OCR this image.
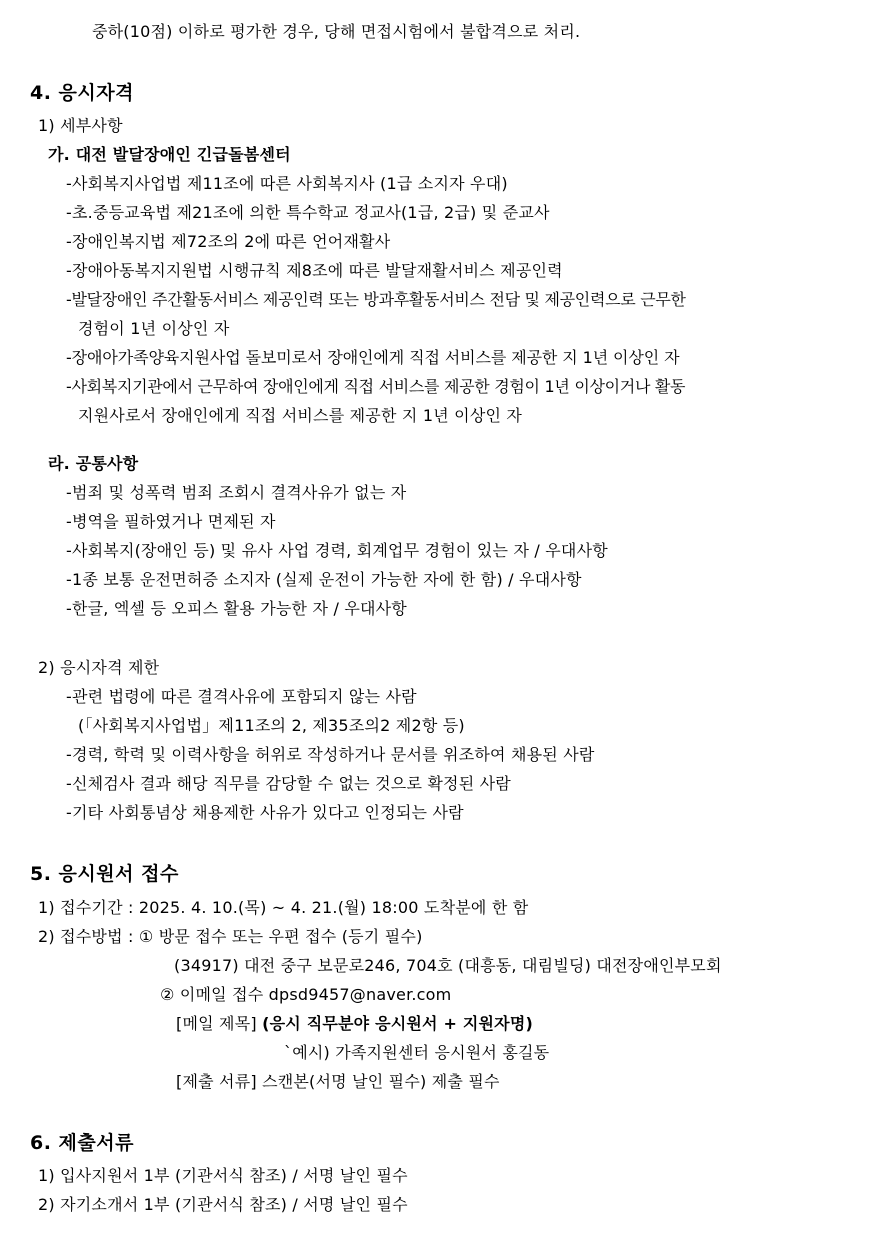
중하(10점) 이하로 평가한 경우, 당해 면접시험에서 불합격으로 처리.
4. 응시자격
1) 세부사항
가. 대전 발달장애인 긴급돌봄센터
-사회복지사업법 제11조에 따른 사회복지사 (1급 소지자 우대)
-초.중등교육법 제21조에 의한 특수학교 정교사(1급, 2급) 및 준교사
-장애인복지법 제72조의 2에 따른 언어재활사
-장애아동복지지원법 시행규칙 제8조에 따른 발달재활서비스 제공인력
-발달장애인 주간활동서비스 제공인력 또는 방과후활동서비스 전담 및 제공인력으로 근무한
경험이 1년 이상인 자
-장애아가족양육지원사업 돌보미로서 장애인에게 직접 서비스를 제공한 지 1년 이상인 자
-사회복지기관에서 근무하여 장애인에게 직접 서비스를 제공한 경험이 1년 이상이거나 활동
지원사로서 장애인에게 직접 서비스를 제공한 지 1년 이상인 자
라. 공통사항
-범죄 및 성폭력 범죄 조회시 결격사유가 없는 자
-병역을 필하였거나 면제된 자
-사회복지(장애인 등) 및 유사 사업 경력, 회계업무 경험이 있는 자 / 우대사항
-1종 보통 운전면허증 소지자 (실제 운전이 가능한 자에 한 함) / 우대사항
-한글, 엑셀 등 오피스 활용 가능한 자 / 우대사항
2) 응시자격 제한
-관련 법령에 따른 결격사유에 포함되지 않는 사람
(「사회복지사업법」제11조의 2, 제35조의2 제2항 등)
-경력, 학력 및 이력사항을 허위로 작성하거나 문서를 위조하여 채용된 사람
-신체검사 결과 해당 직무를 감당할 수 없는 것으로 확정된 사람
-기타 사회통념상 채용제한 사유가 있다고 인정되는 사람
5. 응시원서 접수
1) 접수기간 : 2025. 4. 10.(목) ~ 4. 21.(월) 18:00 도착분에 한 함
2) 접수방법 : ① 방문 접수 또는 우편 접수 (등기 필수)
(34917) 대전 중구 보문로246, 704호 (대흥동, 대림빌딩) 대전장애인부모회
② 이메일 접수 dpsd9457@naver.com
[메일 제목] (응시 직무분야 응시원서 + 지원자명)
`예시) 가족지원센터 응시원서 홍길동
[제출 서류] 스캔본(서명 날인 필수) 제출 필수
6. 제출서류
1) 입사지원서 1부 (기관서식 참조) / 서명 날인 필수
2) 자기소개서 1부 (기관서식 참조) / 서명 날인 필수
